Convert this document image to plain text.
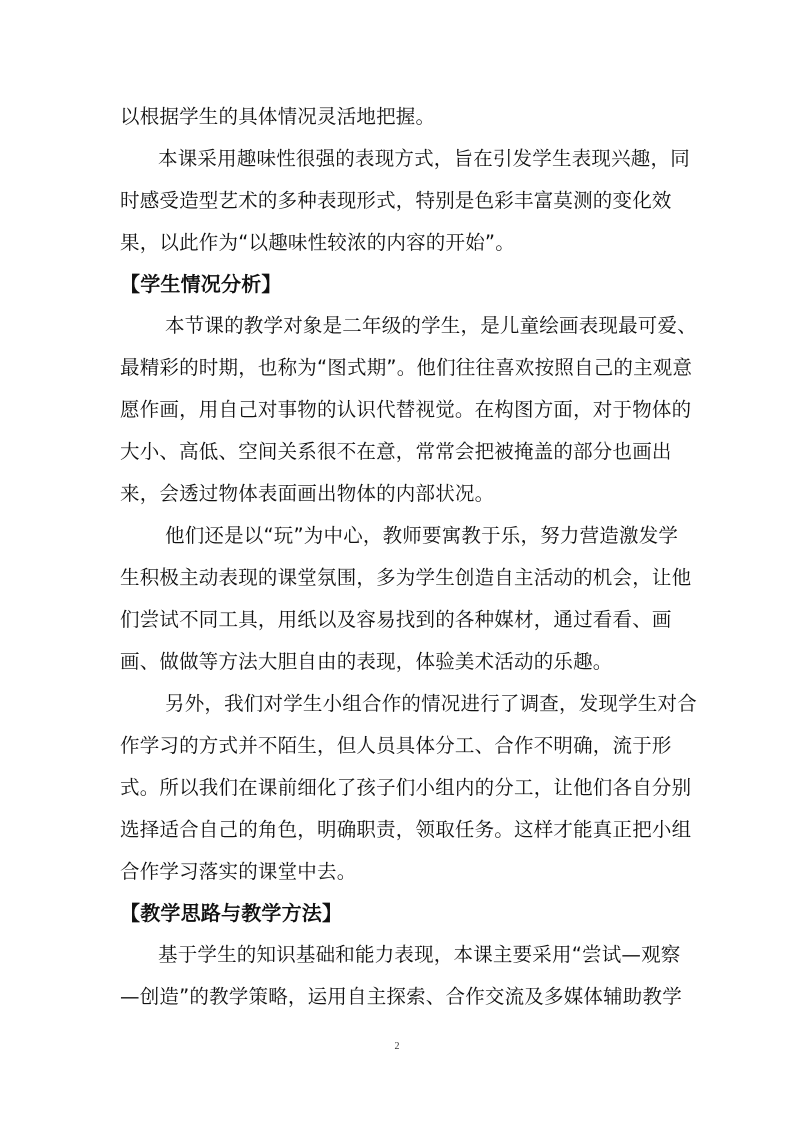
以根据学生的具体情况灵活地把握。
本课采用趣味性很强的表现方式，旨在引发学生表现兴趣，同
时感受造型艺术的多种表现形式，特别是色彩丰富莫测的变化效
果，以此作为“以趣味性较浓的内容的开始”。
【学生情况分析】
本节课的教学对象是二年级的学生，是儿童绘画表现最可爱、
最精彩的时期，也称为“图式期”。他们往往喜欢按照自己的主观意
愿作画，用自己对事物的认识代替视觉。在构图方面，对于物体的
大小、高低、空间关系很不在意，常常会把被掩盖的部分也画出
来，会透过物体表面画出物体的内部状况。
他们还是以“玩”为中心，教师要寓教于乐，努力营造激发学
生积极主动表现的课堂氛围，多为学生创造自主活动的机会，让他
们尝试不同工具，用纸以及容易找到的各种媒材，通过看看、画
画、做做等方法大胆自由的表现，体验美术活动的乐趣。
另外，我们对学生小组合作的情况进行了调查，发现学生对合
作学习的方式并不陌生，但人员具体分工、合作不明确，流于形
式。所以我们在课前细化了孩子们小组内的分工，让他们各自分别
选择适合自己的角色，明确职责，领取任务。这样才能真正把小组
合作学习落实的课堂中去。
【教学思路与教学方法】
基于学生的知识基础和能力表现，本课主要采用“尝试—观察
—创造”的教学策略，运用自主探索、合作交流及多媒体辅助教学
2
